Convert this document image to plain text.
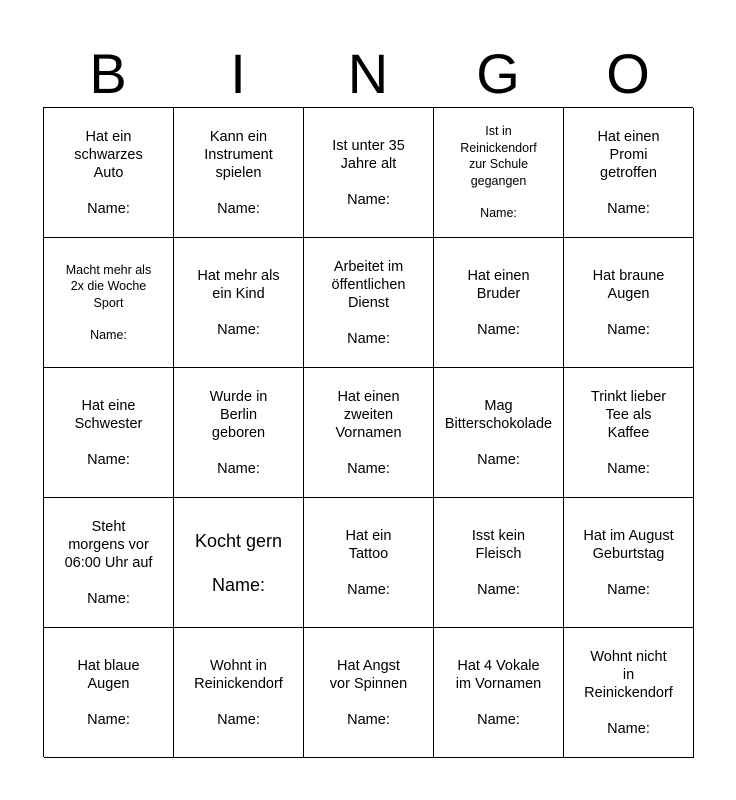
B	I	N	G	O
Hat ein
schwarzes
Auto
Name:
Kann ein
Instrument
spielen
Name:
Ist unter 35
Jahre alt
Name:
Ist in
Reinickendorf
zur Schule
gegangen
Name:
Hat einen
Promi
getroffen
Name:
Macht mehr als
2x die Woche
Sport
Name:
Hat mehr als
ein Kind
Name:
Arbeitet im
öffentlichen
Dienst
Name:
Hat einen
Bruder
Name:
Hat braune
Augen
Name:
Hat eine
Schwester
Name:
Wurde in
Berlin
geboren
Name:
Hat einen
zweiten
Vornamen
Name:
Mag
Bitterschokolade
Name:
Trinkt lieber
Tee als
Kaffee
Name:
Steht
morgens vor
06:00 Uhr auf
Name:
Kocht gern
Name:
Hat ein
Tattoo
Name:
Isst kein
Fleisch
Name:
Hat im August
Geburtstag
Name:
Hat blaue
Augen
Name:
Wohnt in
Reinickendorf
Name:
Hat Angst
vor Spinnen
Name:
Hat 4 Vokale
im Vornamen
Name:
Wohnt nicht
in
Reinickendorf
Name:
